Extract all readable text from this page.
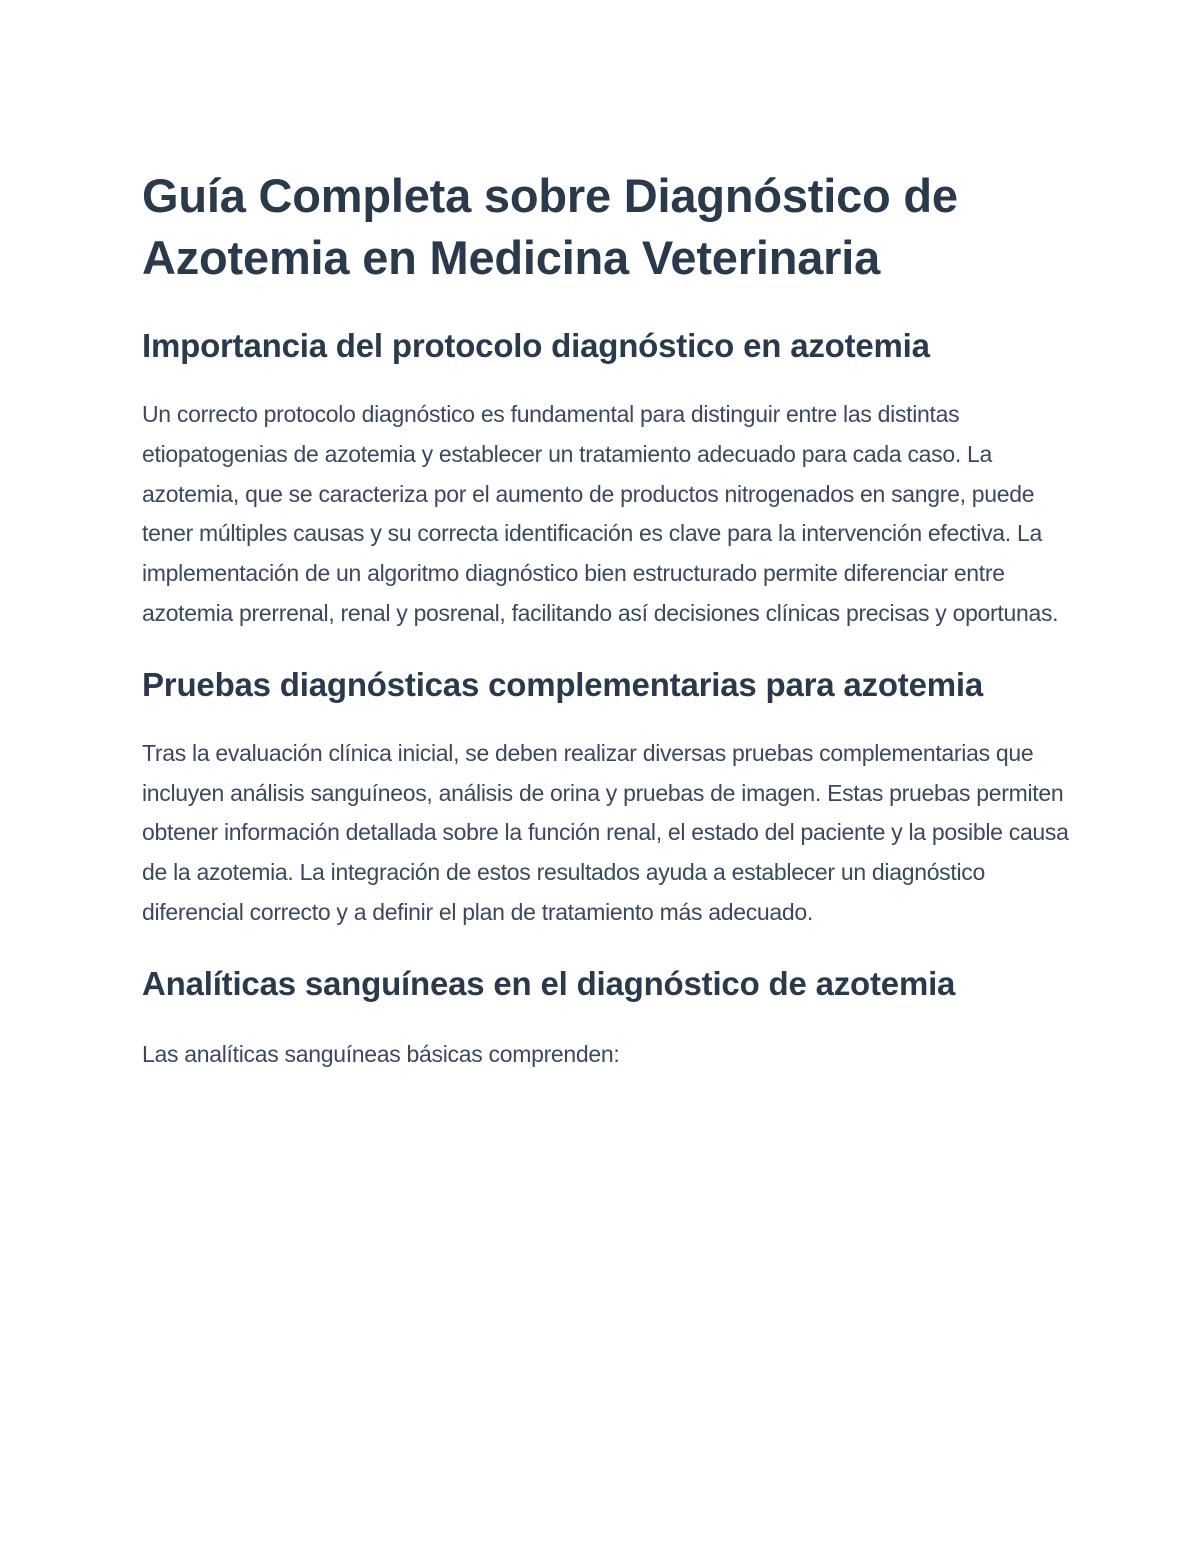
Guía Completa sobre Diagnóstico de Azotemia en Medicina Veterinaria
Importancia del protocolo diagnóstico en azotemia

Un correcto protocolo diagnóstico es fundamental para distinguir entre las distintas etiopatogenias de azotemia y establecer un tratamiento adecuado para cada caso. La azotemia, que se caracteriza por el aumento de productos nitrogenados en sangre, puede tener múltiples causas y su correcta identificación es clave para la intervención efectiva. La implementación de un algoritmo diagnóstico bien estructurado permite diferenciar entre azotemia prerrenal, renal y posrenal, facilitando así decisiones clínicas precisas y oportunas.

Pruebas diagnósticas complementarias para azotemia

Tras la evaluación clínica inicial, se deben realizar diversas pruebas complementarias que incluyen análisis sanguíneos, análisis de orina y pruebas de imagen. Estas pruebas permiten obtener información detallada sobre la función renal, el estado del paciente y la posible causa de la azotemia. La integración de estos resultados ayuda a establecer un diagnóstico diferencial correcto y a definir el plan de tratamiento más adecuado.

Analíticas sanguíneas en el diagnóstico de azotemia

Las analíticas sanguíneas básicas comprenden:
